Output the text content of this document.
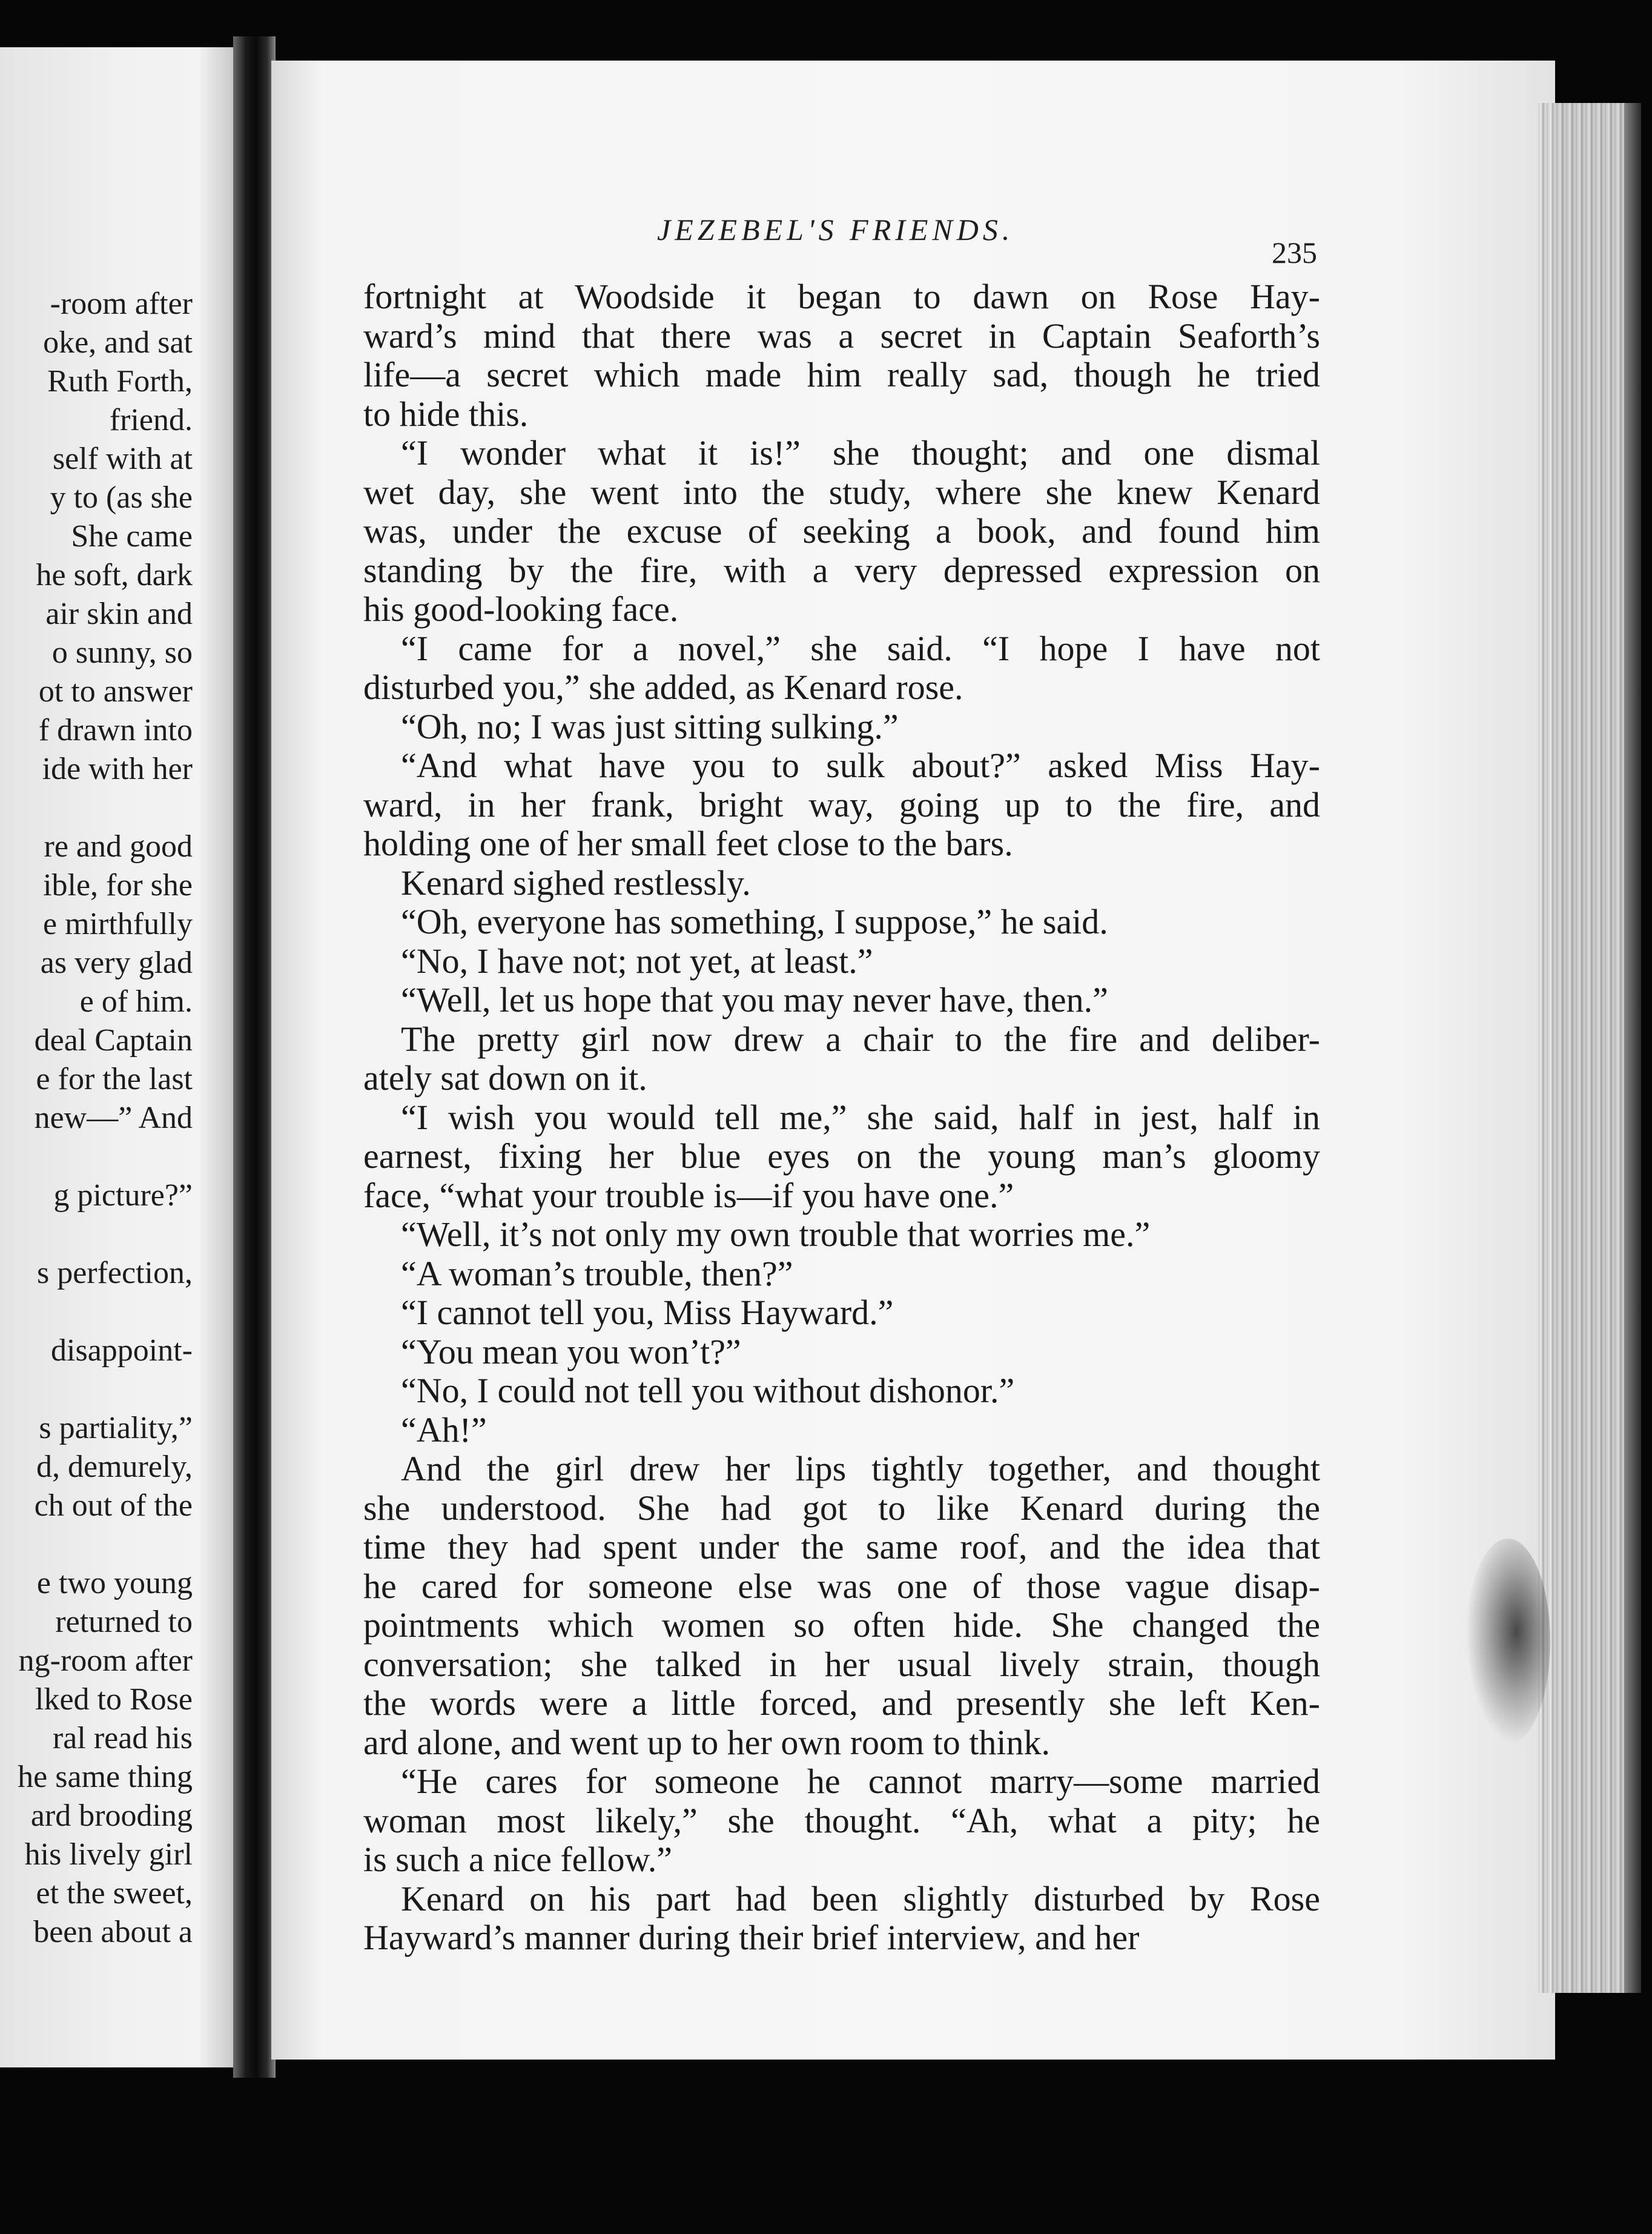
-room after
oke, and sat
Ruth Forth,
friend.
self with at
y to (as she
She came
he soft, dark
air skin and
o sunny, so
ot to answer
f drawn into
ide with her
re and good
ible, for she
e mirthfully
as very glad
e of him.
deal Captain
e for the last
new—” And
g picture?”
s perfection,
disappoint-
s partiality,”
d, demurely,
ch out of the
e two young
returned to
ng-room after
lked to Rose
ral read his
he same thing
ard brooding
his lively girl
et the sweet,
been about a
JEZEBEL'S FRIENDS.
235
fortnight at Woodside it began to dawn on Rose Hay-
ward’s mind that there was a secret in Captain Seaforth’s
life—a secret which made him really sad, though he tried
to hide this.
“I wonder what it is!” she thought; and one dismal
wet day, she went into the study, where she knew Kenard
was, under the excuse of seeking a book, and found him
standing by the fire, with a very depressed expression on
his good-looking face.
“I came for a novel,” she said. “I hope I have not
disturbed you,” she added, as Kenard rose.
“Oh, no; I was just sitting sulking.”
“And what have you to sulk about?” asked Miss Hay-
ward, in her frank, bright way, going up to the fire, and
holding one of her small feet close to the bars.
Kenard sighed restlessly.
“Oh, everyone has something, I suppose,” he said.
“No, I have not; not yet, at least.”
“Well, let us hope that you may never have, then.”
The pretty girl now drew a chair to the fire and deliber-
ately sat down on it.
“I wish you would tell me,” she said, half in jest, half in
earnest, fixing her blue eyes on the young man’s gloomy
face, “what your trouble is—if you have one.”
“Well, it’s not only my own trouble that worries me.”
“A woman’s trouble, then?”
“I cannot tell you, Miss Hayward.”
“You mean you won’t?”
“No, I could not tell you without dishonor.”
“Ah!”
And the girl drew her lips tightly together, and thought
she understood. She had got to like Kenard during the
time they had spent under the same roof, and the idea that
he cared for someone else was one of those vague disap-
pointments which women so often hide. She changed the
conversation; she talked in her usual lively strain, though
the words were a little forced, and presently she left Ken-
ard alone, and went up to her own room to think.
“He cares for someone he cannot marry—some married
woman most likely,” she thought. “Ah, what a pity; he
is such a nice fellow.”
Kenard on his part had been slightly disturbed by Rose
Hayward’s manner during their brief interview, and her
